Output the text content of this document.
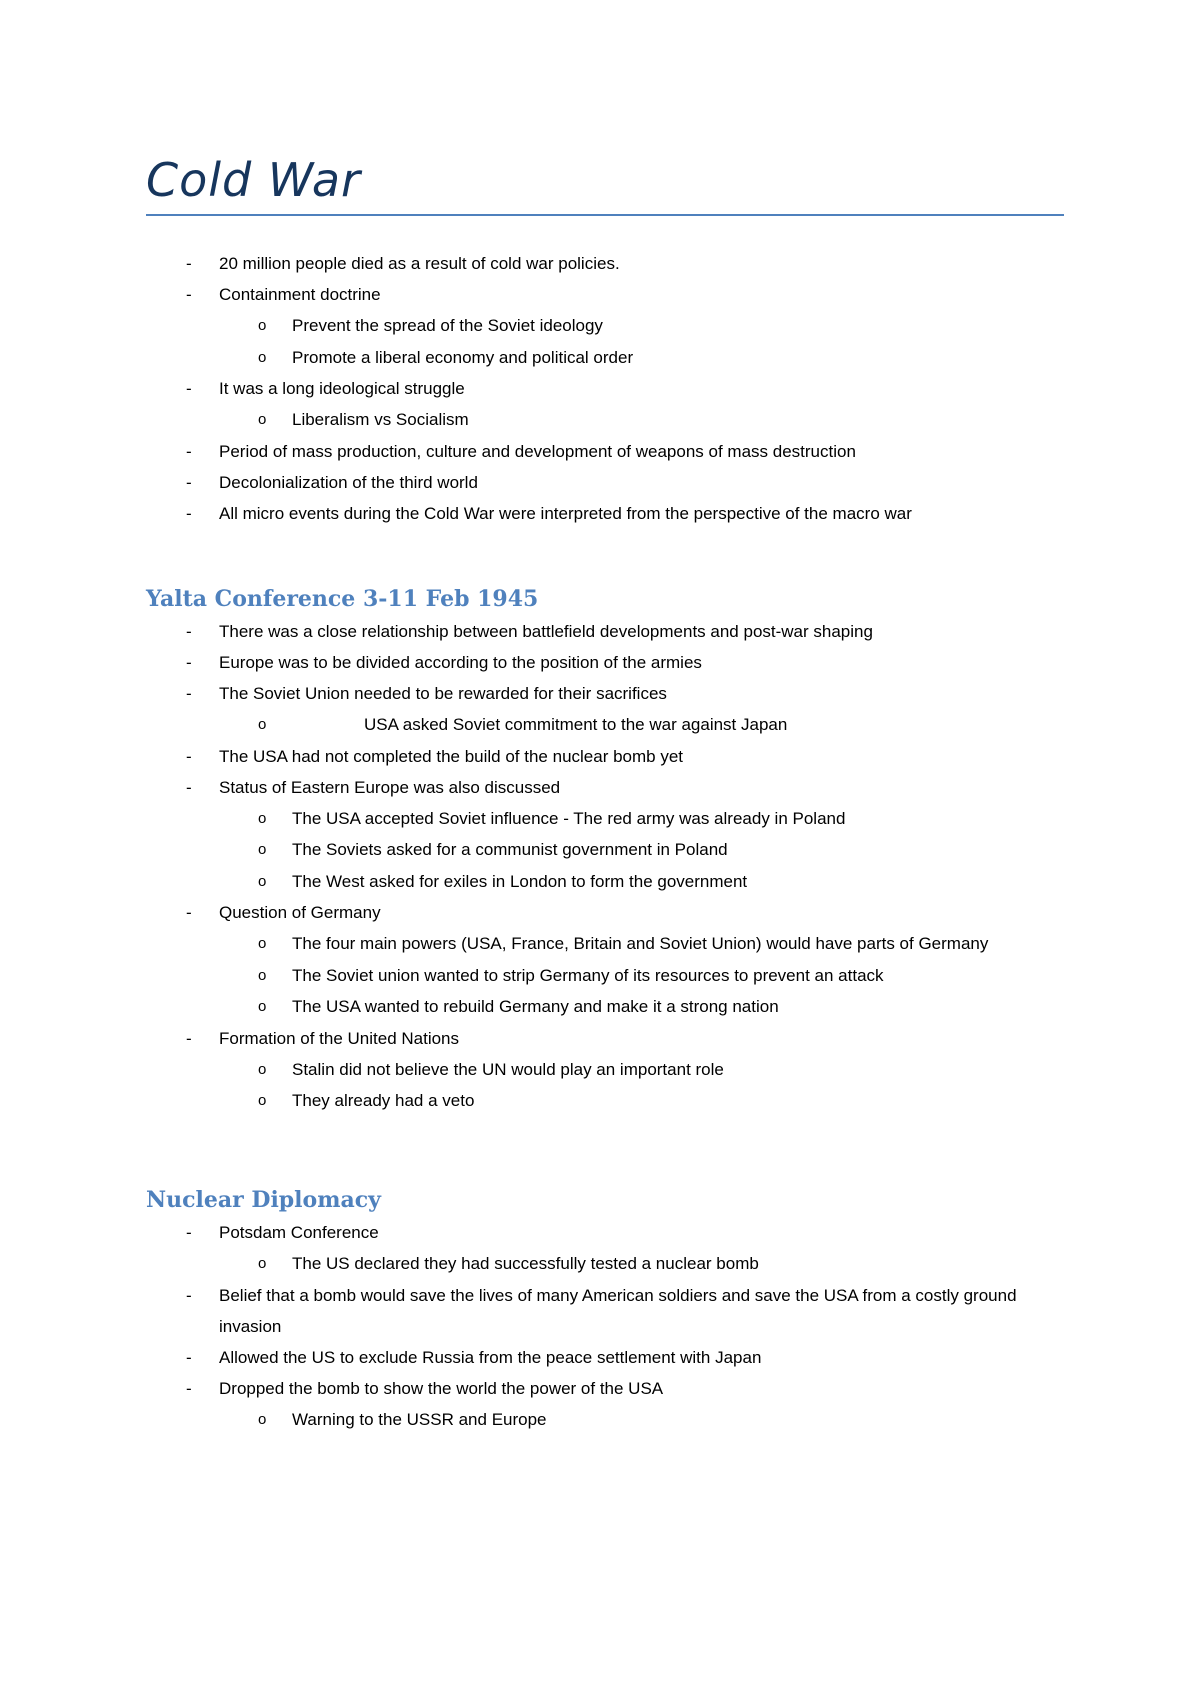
Cold War
- 20 million people died as a result of cold war policies.
- Containment doctrine
o Prevent the spread of the Soviet ideology
o Promote a liberal economy and political order
- It was a long ideological struggle
o Liberalism vs Socialism
- Period of mass production, culture and development of weapons of mass destruction
- Decolonialization of the third world
- All micro events during the Cold War were interpreted from the perspective of the macro war
Yalta Conference 3-11 Feb 1945
- There was a close relationship between battlefield developments and post-war shaping
- Europe was to be divided according to the position of the armies
- The Soviet Union needed to be rewarded for their sacrifices
o	USA asked Soviet commitment to the war against Japan
- The USA had not completed the build of the nuclear bomb yet
- Status of Eastern Europe was also discussed
o The USA accepted Soviet influence - The red army was already in Poland
o The Soviets asked for a communist government in Poland
o The West asked for exiles in London to form the government
- Question of Germany
o The four main powers (USA, France, Britain and Soviet Union) would have parts of Germany
o The Soviet union wanted to strip Germany of its resources to prevent an attack
o The USA wanted to rebuild Germany and make it a strong nation
- Formation of the United Nations
o Stalin did not believe the UN would play an important role
o They already had a veto
Nuclear Diplomacy
- Potsdam Conference
o The US declared they had successfully tested a nuclear bomb
- Belief that a bomb would save the lives of many American soldiers and save the USA from a costly ground invasion
- Allowed the US to exclude Russia from the peace settlement with Japan
- Dropped the bomb to show the world the power of the USA
o Warning to the USSR and Europe
